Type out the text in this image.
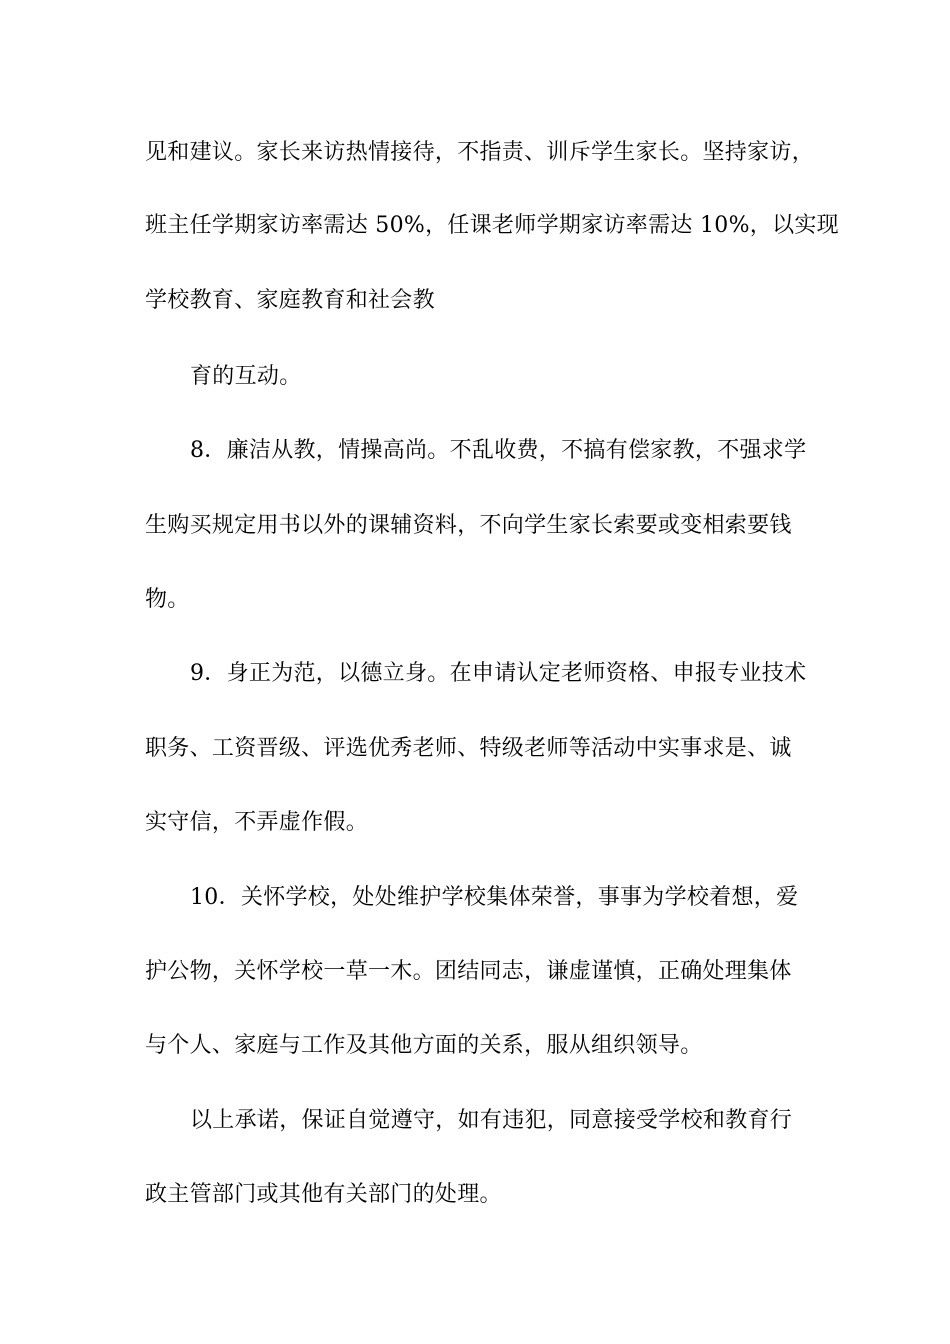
见和建议。家长来访热情接待，不指责、训斥学生家长。坚持家访，

班主任学期家访率需达 50%，任课老师学期家访率需达 10%，以实现

学校教育、家庭教育和社会教

育的互动。

8．廉洁从教，情操高尚。不乱收费，不搞有偿家教，不强求学

生购买规定用书以外的课辅资料，不向学生家长索要或变相索要钱

物。

9．身正为范，以德立身。在申请认定老师资格、申报专业技术

职务、工资晋级、评选优秀老师、特级老师等活动中实事求是、诚

实守信，不弄虚作假。

10．关怀学校，处处维护学校集体荣誉，事事为学校着想，爱

护公物，关怀学校一草一木。团结同志，谦虚谨慎，正确处理集体

与个人、家庭与工作及其他方面的关系，服从组织领导。

以上承诺，保证自觉遵守，如有违犯，同意接受学校和教育行

政主管部门或其他有关部门的处理。
